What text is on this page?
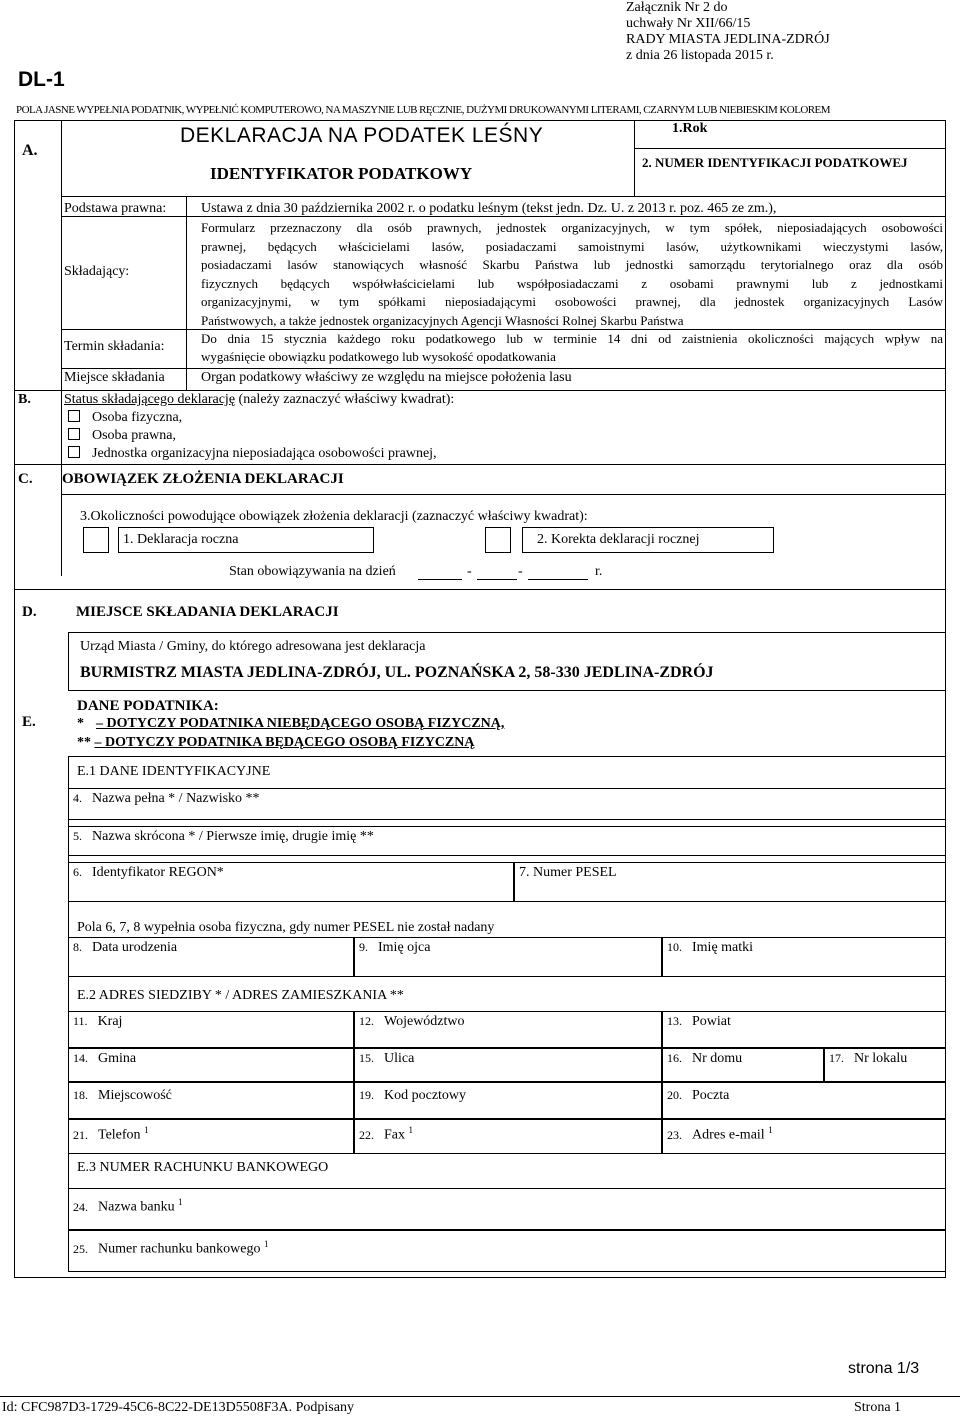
Załącznik Nr 2 do
uchwały Nr XII/66/15
RADY MIASTA JEDLINA-ZDRÓJ
z dnia 26 listopada 2015 r.
DL-1
POLA JASNE WYPEŁNIA PODATNIK, WYPEŁNIĆ KOMPUTEROWO, NA MASZYNIE LUB RĘCZNIE, DUŻYMI DRUKOWANYMI LITERAMI, CZARNYM LUB NIEBIESKIM KOLOREM
A.
DEKLARACJA NA PODATEK LEŚNY
IDENTYFIKATOR PODATKOWY
1.Rok
2. NUMER IDENTYFIKACJI PODATKOWEJ
Podstawa prawna: Ustawa z dnia 30 października 2002 r. o podatku leśnym (tekst jedn. Dz. U. z 2013 r. poz. 465 ze zm.),
Składający:
Formularz przeznaczony dla osób prawnych, jednostek organizacyjnych, w tym spółek, nieposiadających osobowości
prawnej, będących właścicielami lasów, posiadaczami samoistnymi lasów, użytkownikami wieczystymi lasów,
posiadaczami lasów stanowiących własność Skarbu Państwa lub jednostki samorządu terytorialnego oraz dla osób
fizycznych będących współwłaścicielami lub współposiadaczami z osobami prawnymi lub z jednostkami
organizacyjnymi, w tym spółkami nieposiadającymi osobowości prawnej, dla jednostek organizacyjnych Lasów
Państwowych, a także jednostek organizacyjnych Agencji Własności Rolnej Skarbu Państwa
Termin składania:
Do dnia 15 stycznia każdego roku podatkowego lub w terminie 14 dni od zaistnienia okoliczności mających wpływ na
wygaśnięcie obowiązku podatkowego lub wysokość opodatkowania
Miejsce składania	Organ podatkowy właściwy ze względu na miejsce położenia lasu
B. Status składającego deklarację (należy zaznaczyć właściwy kwadrat):
Osoba fizyczna,
Osoba prawna,
Jednostka organizacyjna nieposiadająca osobowości prawnej,
C. OBOWIĄZEK ZŁOŻENIA DEKLARACJI
3.Okoliczności powodujące obowiązek złożenia deklaracji (zaznaczyć właściwy kwadrat):
1. Deklaracja roczna	2. Korekta deklaracji rocznej
Stan obowiązywania na dzień	-	-	r.
D.	MIEJSCE SKŁADANIA DEKLARACJI
Urząd Miasta / Gminy, do którego adresowana jest deklaracja
BURMISTRZ MIASTA JEDLINA-ZDRÓJ, UL. POZNAŃSKA 2, 58-330 JEDLINA-ZDRÓJ
E.
DANE PODATNIKA:
* – DOTYCZY PODATNIKA NIEBĘDĄCEGO OSOBĄ FIZYCZNĄ,
** – DOTYCZY PODATNIKA BĘDĄCEGO OSOBĄ FIZYCZNĄ
E.1 DANE IDENTYFIKACYJNE
4. Nazwa pełna * / Nazwisko **
5. Nazwa skrócona * / Pierwsze imię, drugie imię **
6. Identyfikator REGON*	7. Numer PESEL
Pola 6, 7, 8 wypełnia osoba fizyczna, gdy numer PESEL nie został nadany
8. Data urodzenia	9. Imię ojca	10. Imię matki
E.2 ADRES SIEDZIBY * / ADRES ZAMIESZKANIA **
11. Kraj	12. Województwo	13. Powiat
14. Gmina	15. Ulica	16. Nr domu	17. Nr lokalu
18. Miejscowość	19. Kod pocztowy	20. Poczta
21. Telefon $^1$	22. Fax $^1$	23. Adres e-mail $^1$
E.3 NUMER RACHUNKU BANKOWEGO
24. Nazwa banku $^1$
25. Numer rachunku bankowego $^1$
strona 1/3
Id: CFC987D3-1729-45C6-8C22-DE13D5508F3A. Podpisany	Strona 1
